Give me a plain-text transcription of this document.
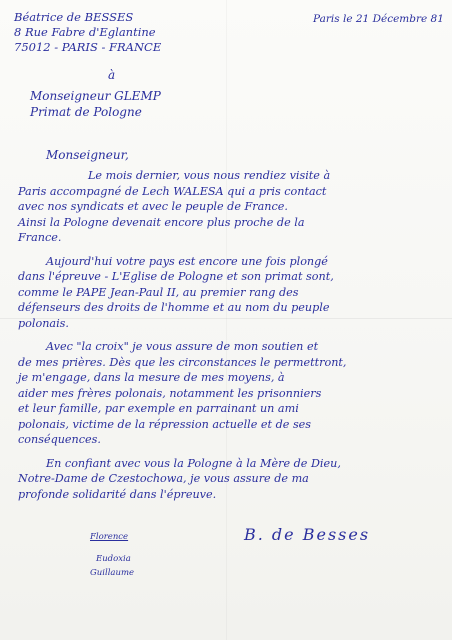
Paris le 21 Décembre 81

Béatrice de BESSES
8 Rue Fabre d'Eglantine
75012 - PARIS - FRANCE

à

Monseigneur GLEMP
Primat de Pologne

Monseigneur,

Le mois dernier, vous nous rendiez visite à
Paris accompagné de Lech WALESA qui a pris contact
avec nos syndicats et avec le peuple de France.
Ainsi la Pologne devenait encore plus proche de la
France.
Aujourd'hui votre pays est encore une fois plongé
dans l'épreuve - L'Eglise de Pologne et son primat sont,
comme le PAPE Jean-Paul II, au premier rang des
défenseurs des droits de l'homme et au nom du peuple
polonais.
Avec "la croix" je vous assure de mon soutien et
de mes prières. Dès que les circonstances le permettront,
je m'engage, dans la mesure de mes moyens, à
aider mes frères polonais, notamment les prisonniers
et leur famille, par exemple en parrainant un ami
polonais, victime de la répression actuelle et de ses
conséquences.
En confiant avec vous la Pologne à la Mère de Dieu,
Notre-Dame de Czestochowa, je vous assure de ma
profonde solidarité dans l'épreuve.

Florence

Eudoxia
Guillaume

B. de Besses
